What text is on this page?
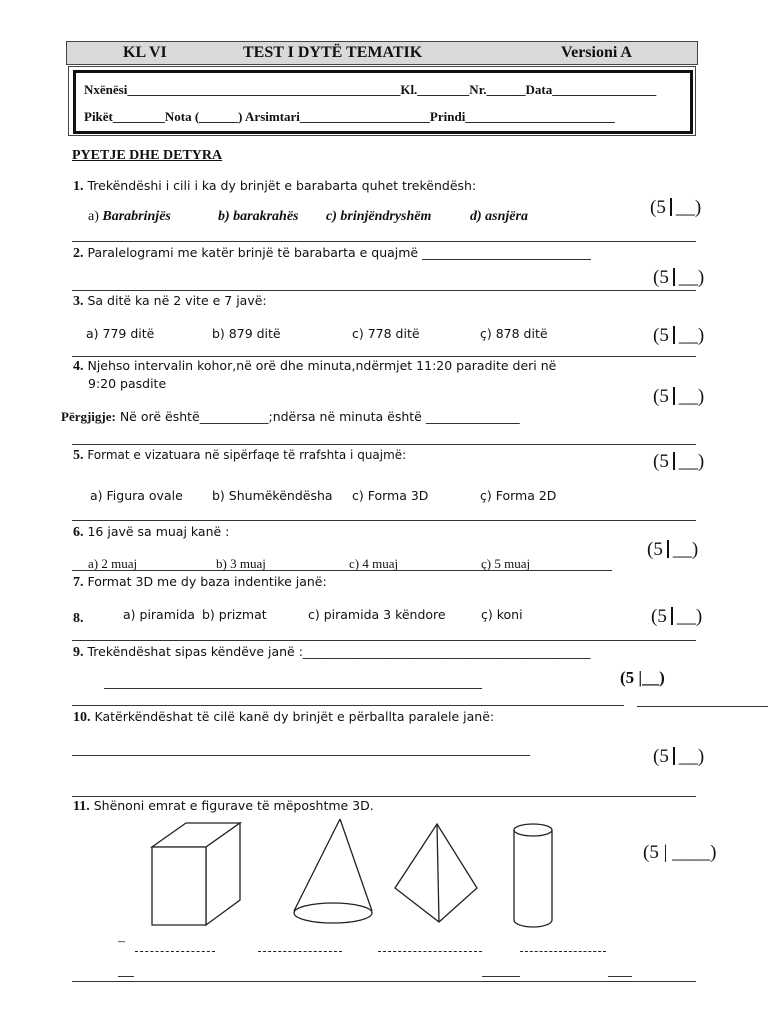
KL VI	TEST I DYTË TEMATIK	Versioni A
Nxënësi__________________________________________Kl.________Nr.______Data________________
Pikët________Nota (______) Arsimtari____________________Prindi_______________________
PYETJE DHE DETYRA
1. Trekëndëshi i cili i ka dy brinjët e barabarta quhet trekëndësh:
a) Barabrinjës	b) barakrahës c) brinjëndryshëm	d) asnjëra	(5 __)
2. Paralelogrami me katër brinjë të barabarta e quajmë ___________________________
(5 __)
3. Sa ditë ka në 2 vite e 7 javë:
a) 779 ditë	b) 879 ditë	c) 778 ditë	ç) 878 ditë	(5 __)
4. Njehso intervalin kohor,në orë dhe minuta,ndërmjet 11:20 paradite deri në
9:20 pasdite
(5 __)
Përgjigje: Në orë është___________;ndërsa në minuta është _______________
5. Format e vizatuara në sipërfaqe të rrafshta i quajmë:	(5 __)
a) Figura ovale b) Shumëkëndësha c) Forma 3D	ç) Forma 2D
6. 16 javë sa muaj kanë :
(5 __)
a) 2 muaj	b) 3 muaj	c) 4 muaj	ç) 5 muaj
7. Format 3D me dy baza indentike janë:
8.	a) piramida b) prizmat	c) piramida 3 këndore	ç) koni	(5 __)
9. Trekëndëshat sipas këndëve janë :______________________________________________
(5 |__)
10. Katërkëndëshat të cilë kanë dy brinjët e përballta paralele janë:
(5 __)
11. Shënoni emrat e figurave të mëposhtme 3D.
(5 | ____)
–
